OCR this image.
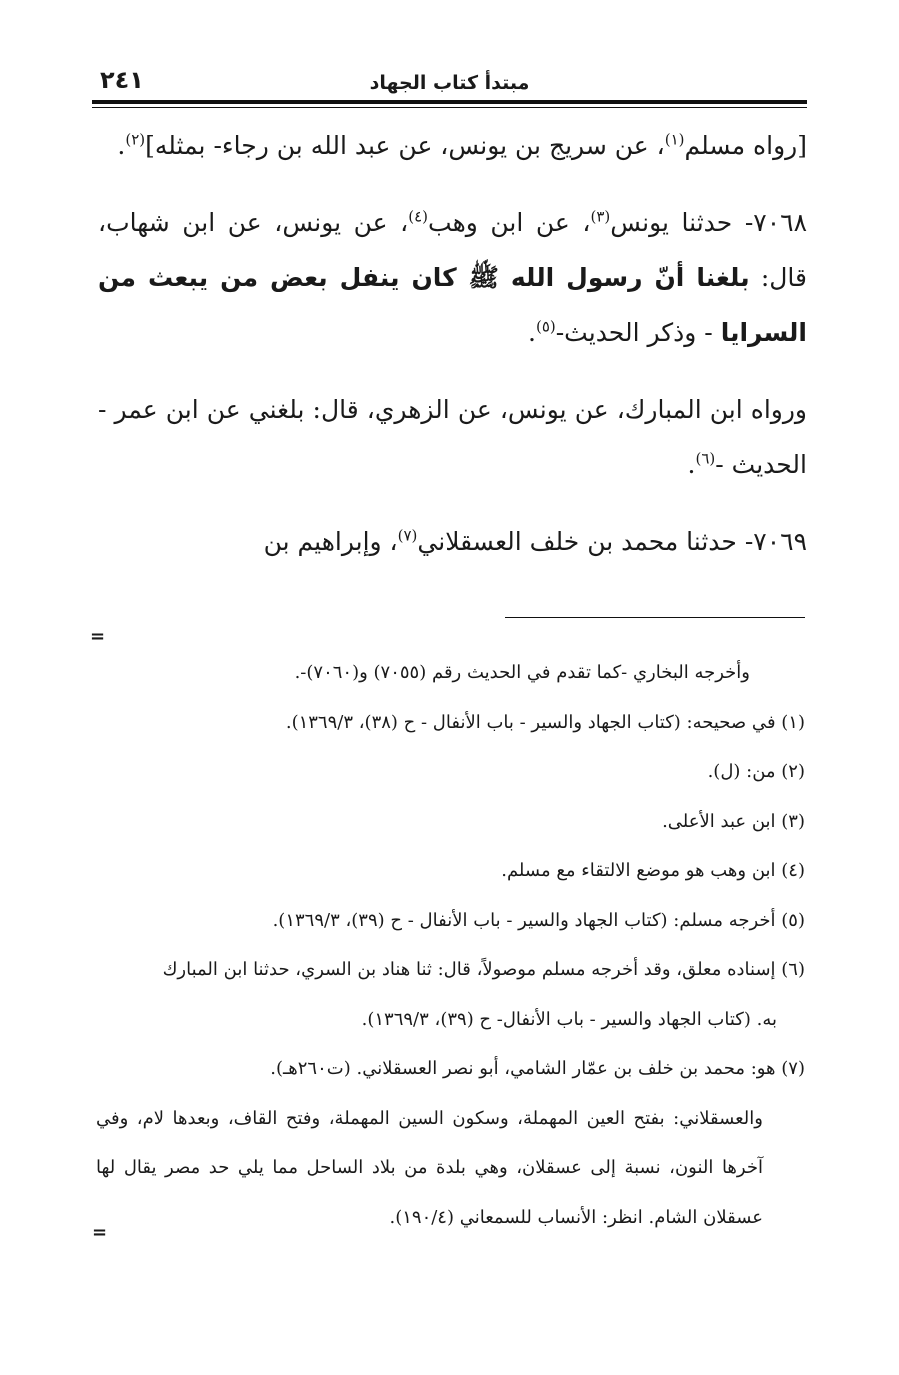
مبتدأ كتاب الجهاد
٢٤١

[رواه مسلم$^{(١)}$، عن سريج بن يونس، عن عبد الله بن رجاء- بمثله]$^{(٢)}$.

٧٠٦٨- حدثنا يونس$^{(٣)}$، عن ابن وهب$^{(٤)}$، عن يونس، عن ابن شهاب، قال: بلغنا أنّ رسول الله ﷺ كان ينفل بعض من يبعث من السرايا - وذكر الحديث-$^{(٥)}$.

ورواه ابن المبارك، عن يونس، عن الزهري، قال: بلغني عن ابن عمر - الحديث -$^{(٦)}$.

٧٠٦٩- حدثنا محمد بن خلف العسقلاني$^{(٧)}$، وإبراهيم بن

=

وأخرجه البخاري -كما تقدم في الحديث رقم (٧٠٥٥) و(٧٠٦٠)-.

(١) في صحيحه: (كتاب الجهاد والسير - باب الأنفال - ح (٣٨)، ١٣٦٩/٣).

(٢) من: (ل).

(٣) ابن عبد الأعلى.

(٤) ابن وهب هو موضع الالتقاء مع مسلم.

(٥) أخرجه مسلم: (كتاب الجهاد والسير - باب الأنفال - ح (٣٩)، ١٣٦٩/٣).

(٦) إسناده معلق، وقد أخرجه مسلم موصولاً، قال: ثنا هناد بن السري، حدثنا ابن المبارك

به. (كتاب الجهاد والسير - باب الأنفال- ح (٣٩)، ١٣٦٩/٣).

(٧) هو: محمد بن خلف بن عمّار الشامي، أبو نصر العسقلاني. (ت٢٦٠هـ).

والعسقلاني: بفتح العين المهملة، وسكون السين المهملة، وفتح القاف، وبعدها لام، وفي آخرها النون، نسبة إلى عسقلان، وهي بلدة من بلاد الساحل مما يلي حد مصر يقال لها عسقلان الشام. انظر: الأنساب للسمعاني (١٩٠/٤).

=
